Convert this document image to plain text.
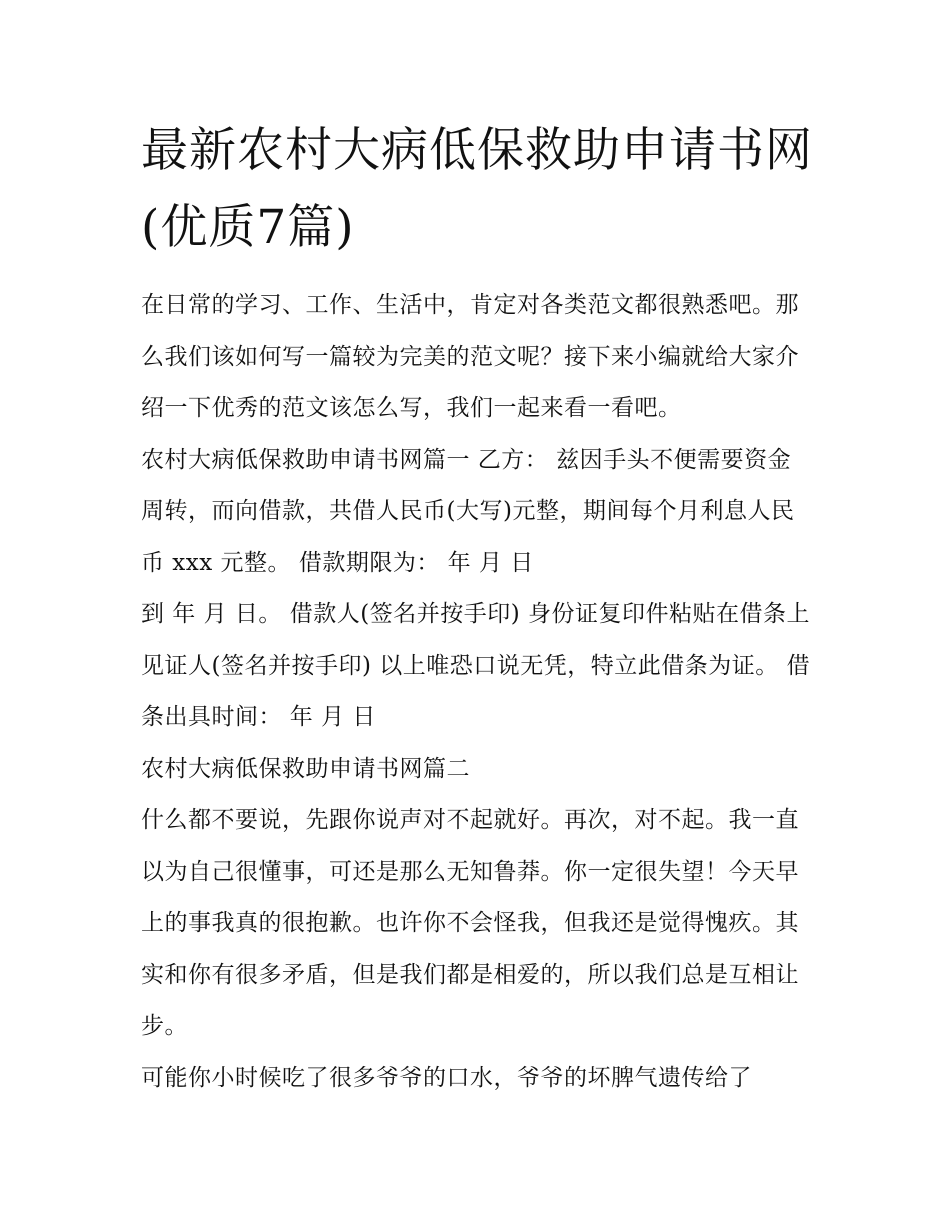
最新农村大病低保救助申请书网(优质7篇)

在日常的学习、工作、生活中，肯定对各类范文都很熟悉吧。那么我们该如何写一篇较为完美的范文呢？接下来小编就给大家介绍一下优秀的范文该怎么写，我们一起来看一看吧。

农村大病低保救助申请书网篇一 乙方： 兹因手头不便需要资金周转，而向借款，共借人民币(大写)元整，期间每个月利息人民币 xxx 元整。 借款期限为： 年 月 日

到 年 月 日。 借款人(签名并按手印) 身份证复印件粘贴在借条上 见证人(签名并按手印) 以上唯恐口说无凭，特立此借条为证。 借条出具时间： 年 月 日

农村大病低保救助申请书网篇二

什么都不要说，先跟你说声对不起就好。再次，对不起。我一直以为自己很懂事，可还是那么无知鲁莽。你一定很失望！今天早上的事我真的很抱歉。也许你不会怪我，但我还是觉得愧疚。其实和你有很多矛盾，但是我们都是相爱的，所以我们总是互相让步。

可能你小时候吃了很多爷爷的口水，爷爷的坏脾气遗传给了
